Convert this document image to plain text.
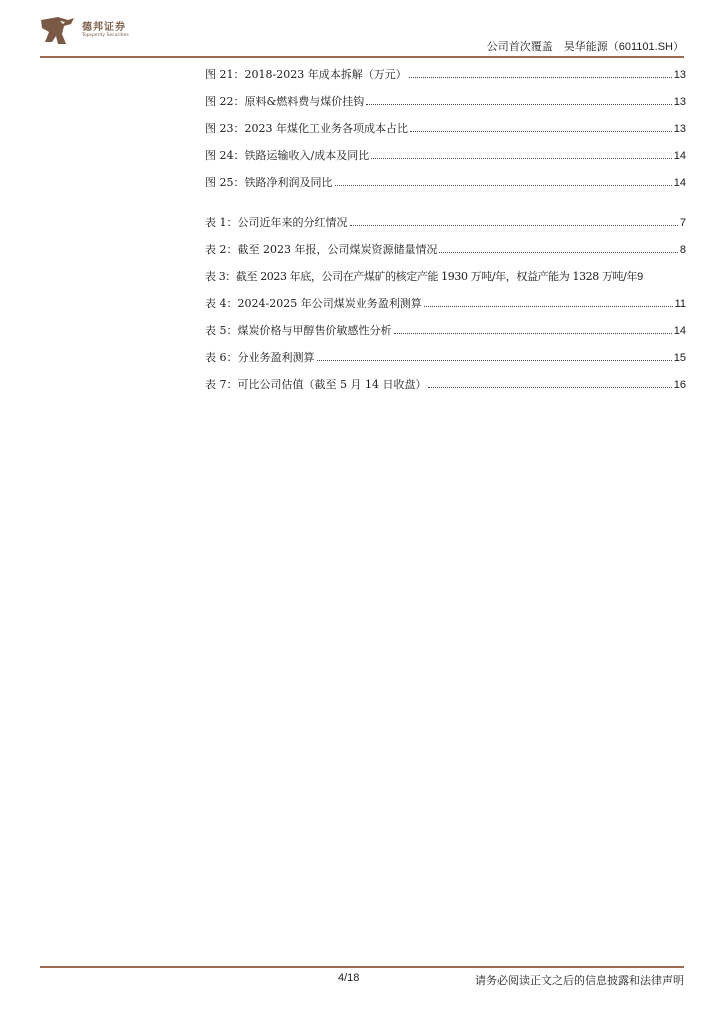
德邦证券
Topsperity Securities
公司首次覆盖　昊华能源（601101.SH）
图 21：2018-2023 年成本拆解（万元）	13
图 22：原料&燃料费与煤价挂钩	13
图 23：2023 年煤化工业务各项成本占比	13
图 24：铁路运输收入/成本及同比	14
图 25：铁路净利润及同比	14
表 1：公司近年来的分红情况	7
表 2：截至 2023 年报，公司煤炭资源储量情况	8
表 3：截至 2023 年底，公司在产煤矿的核定产能 1930 万吨/年，权益产能为 1328 万吨/年 9
表 4：2024-2025 年公司煤炭业务盈利测算	11
表 5：煤炭价格与甲醇售价敏感性分析	14
表 6：分业务盈利测算	15
表 7：可比公司估值（截至 5 月 14 日收盘）	16
4/18	请务必阅读正文之后的信息披露和法律声明
